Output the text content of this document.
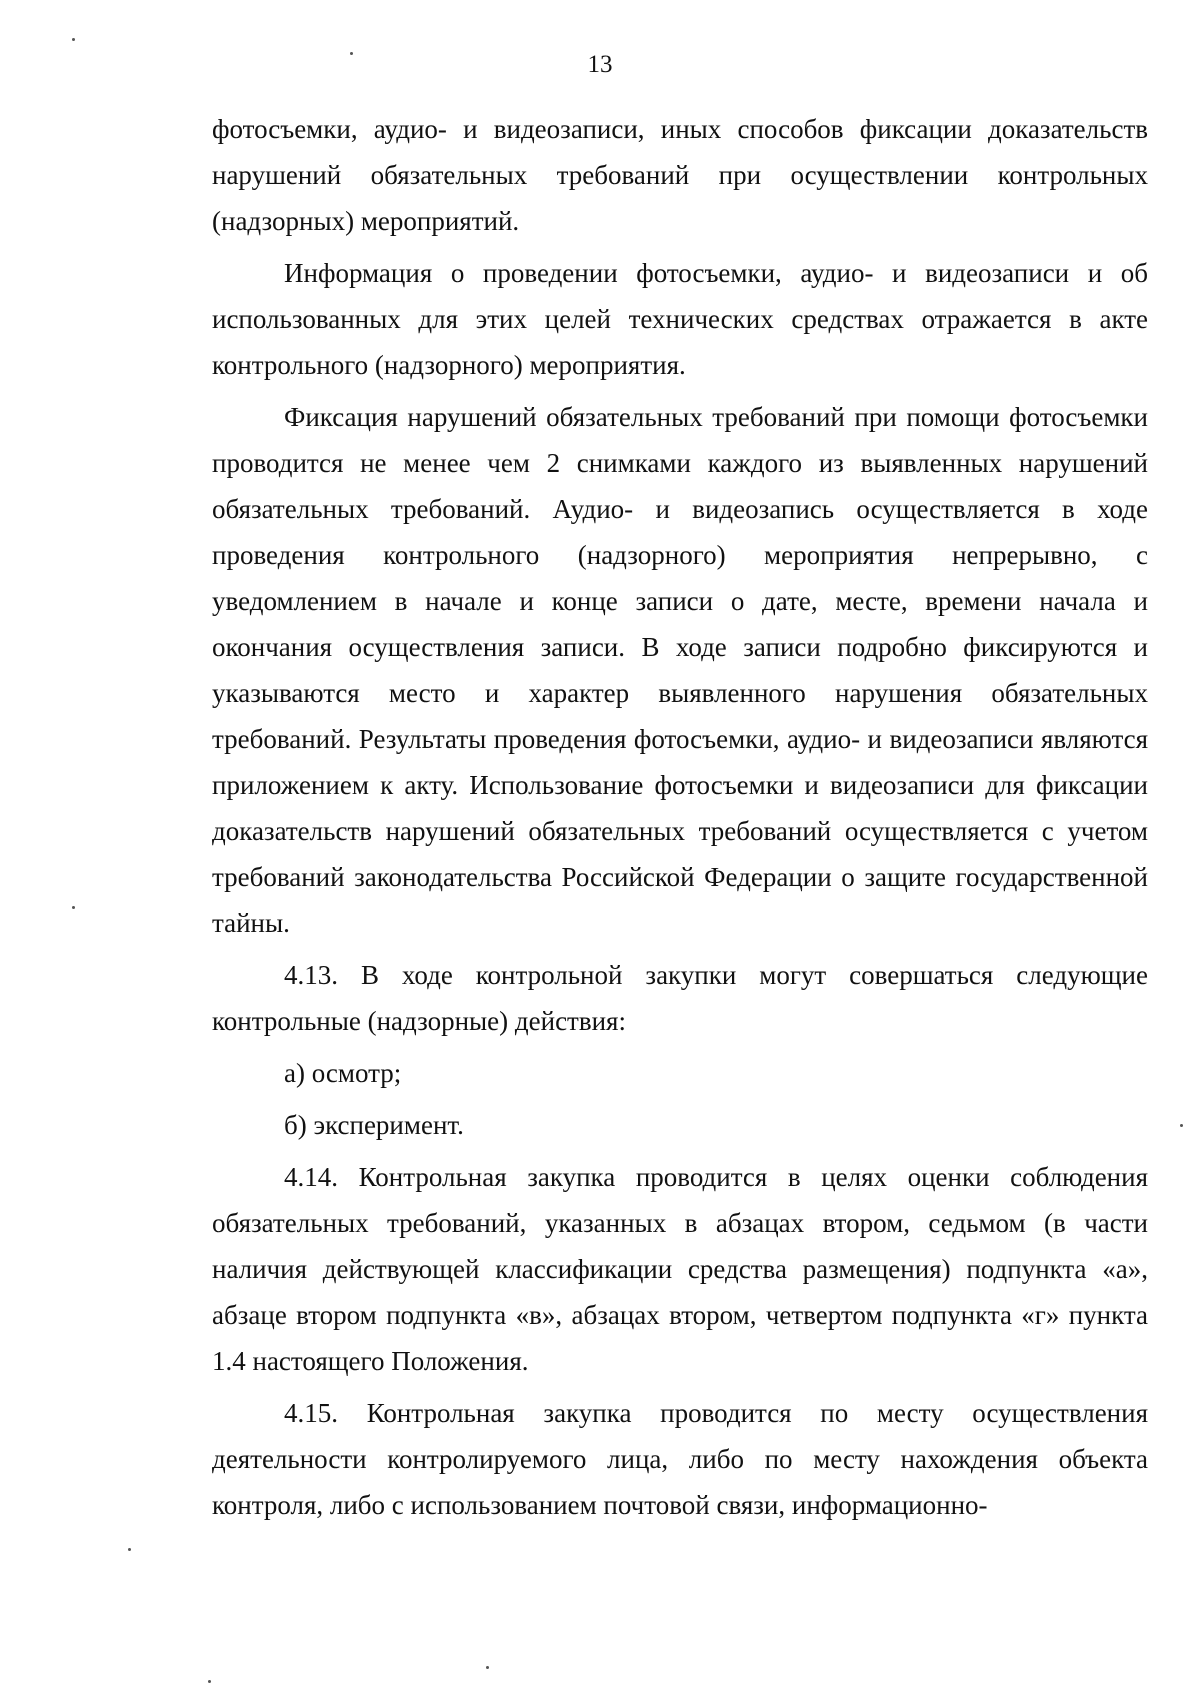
13

фотосъемки, аудио- и видеозаписи, иных способов фиксации доказательств нарушений обязательных требований при осуществлении контрольных (надзорных) мероприятий.

Информация о проведении фотосъемки, аудио- и видеозаписи и об использованных для этих целей технических средствах отражается в акте контрольного (надзорного) мероприятия.

Фиксация нарушений обязательных требований при помощи фотосъемки проводится не менее чем 2 снимками каждого из выявленных нарушений обязательных требований. Аудио- и видеозапись осуществляется в ходе проведения контрольного (надзорного) мероприятия непрерывно, с уведомлением в начале и конце записи о дате, месте, времени начала и окончания осуществления записи. В ходе записи подробно фиксируются и указываются место и характер выявленного нарушения обязательных требований. Результаты проведения фотосъемки, аудио- и видеозаписи являются приложением к акту. Использование фотосъемки и видеозаписи для фиксации доказательств нарушений обязательных требований осуществляется с учетом требований законодательства Российской Федерации о защите государственной тайны.

4.13. В ходе контрольной закупки могут совершаться следующие контрольные (надзорные) действия:

а) осмотр;

б) эксперимент.

4.14. Контрольная закупка проводится в целях оценки соблюдения обязательных требований, указанных в абзацах втором, седьмом (в части наличия действующей классификации средства размещения) подпункта «а», абзаце втором подпункта «в», абзацах втором, четвертом подпункта «г» пункта 1.4 настоящего Положения.

4.15. Контрольная закупка проводится по месту осуществления деятельности контролируемого лица, либо по месту нахождения объекта контроля, либо с использованием почтовой связи, информационно-
